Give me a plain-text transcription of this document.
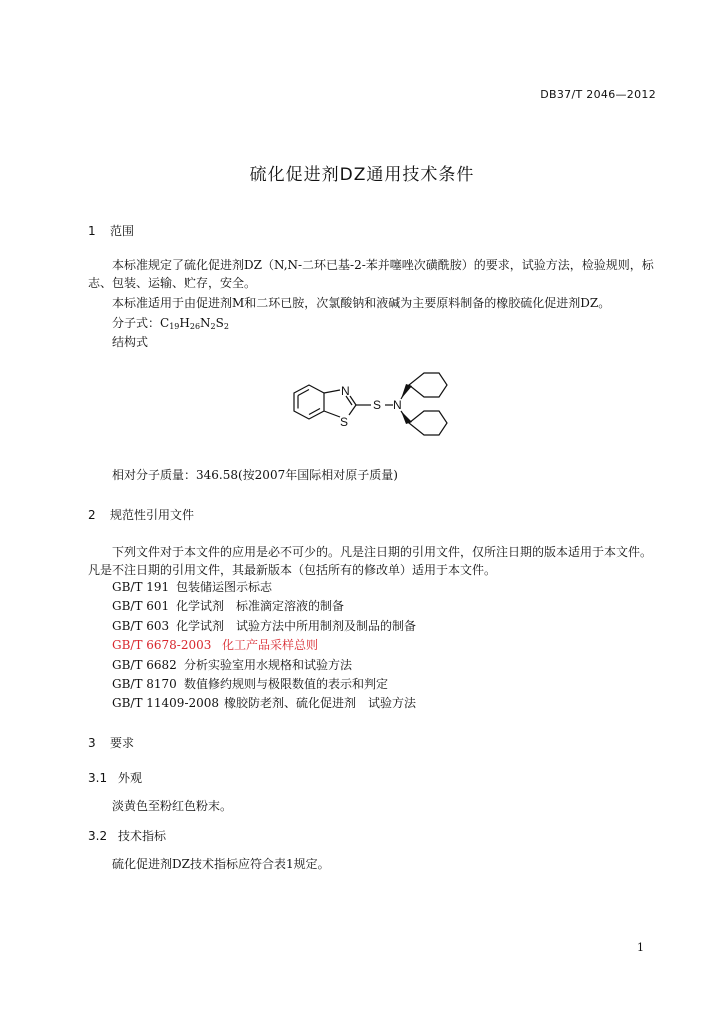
DB37/T 2046—2012
硫化促进剂DZ通用技术条件
1 范围
本标准规定了硫化促进剂DZ（N,N-二环已基-2-苯并噻唑次磺酰胺）的要求，试验方法，检验规则，标志、包装、运输、贮存，安全。
本标准适用于由促进剂M和二环已胺，次氯酸钠和液碱为主要原料制备的橡胶硫化促进剂DZ。
分子式：$C_{19}H_{26}N_2S_2$
结构式
N
S
S N
相对分子质量：346.58(按2007年国际相对原子质量)
2 规范性引用文件
下列文件对于本文件的应用是必不可少的。凡是注日期的引用文件，仅所注日期的版本适用于本文件。凡是不注日期的引用文件，其最新版本（包括所有的修改单）适用于本文件。
GB/T 191 包装储运图示标志
GB/T 601 化学试剂　标准滴定溶液的制备
GB/T 603 化学试剂　试验方法中所用制剂及制品的制备
GB/T 6678-2003 化工产品采样总则
GB/T 6682 分析实验室用水规格和试验方法
GB/T 8170 数值修约规则与极限数值的表示和判定
GB/T 11409-2008 橡胶防老剂、硫化促进剂　试验方法
3 要求
3.1 外观
淡黄色至粉红色粉末。
3.2 技术指标
硫化促进剂DZ技术指标应符合表1规定。
1
